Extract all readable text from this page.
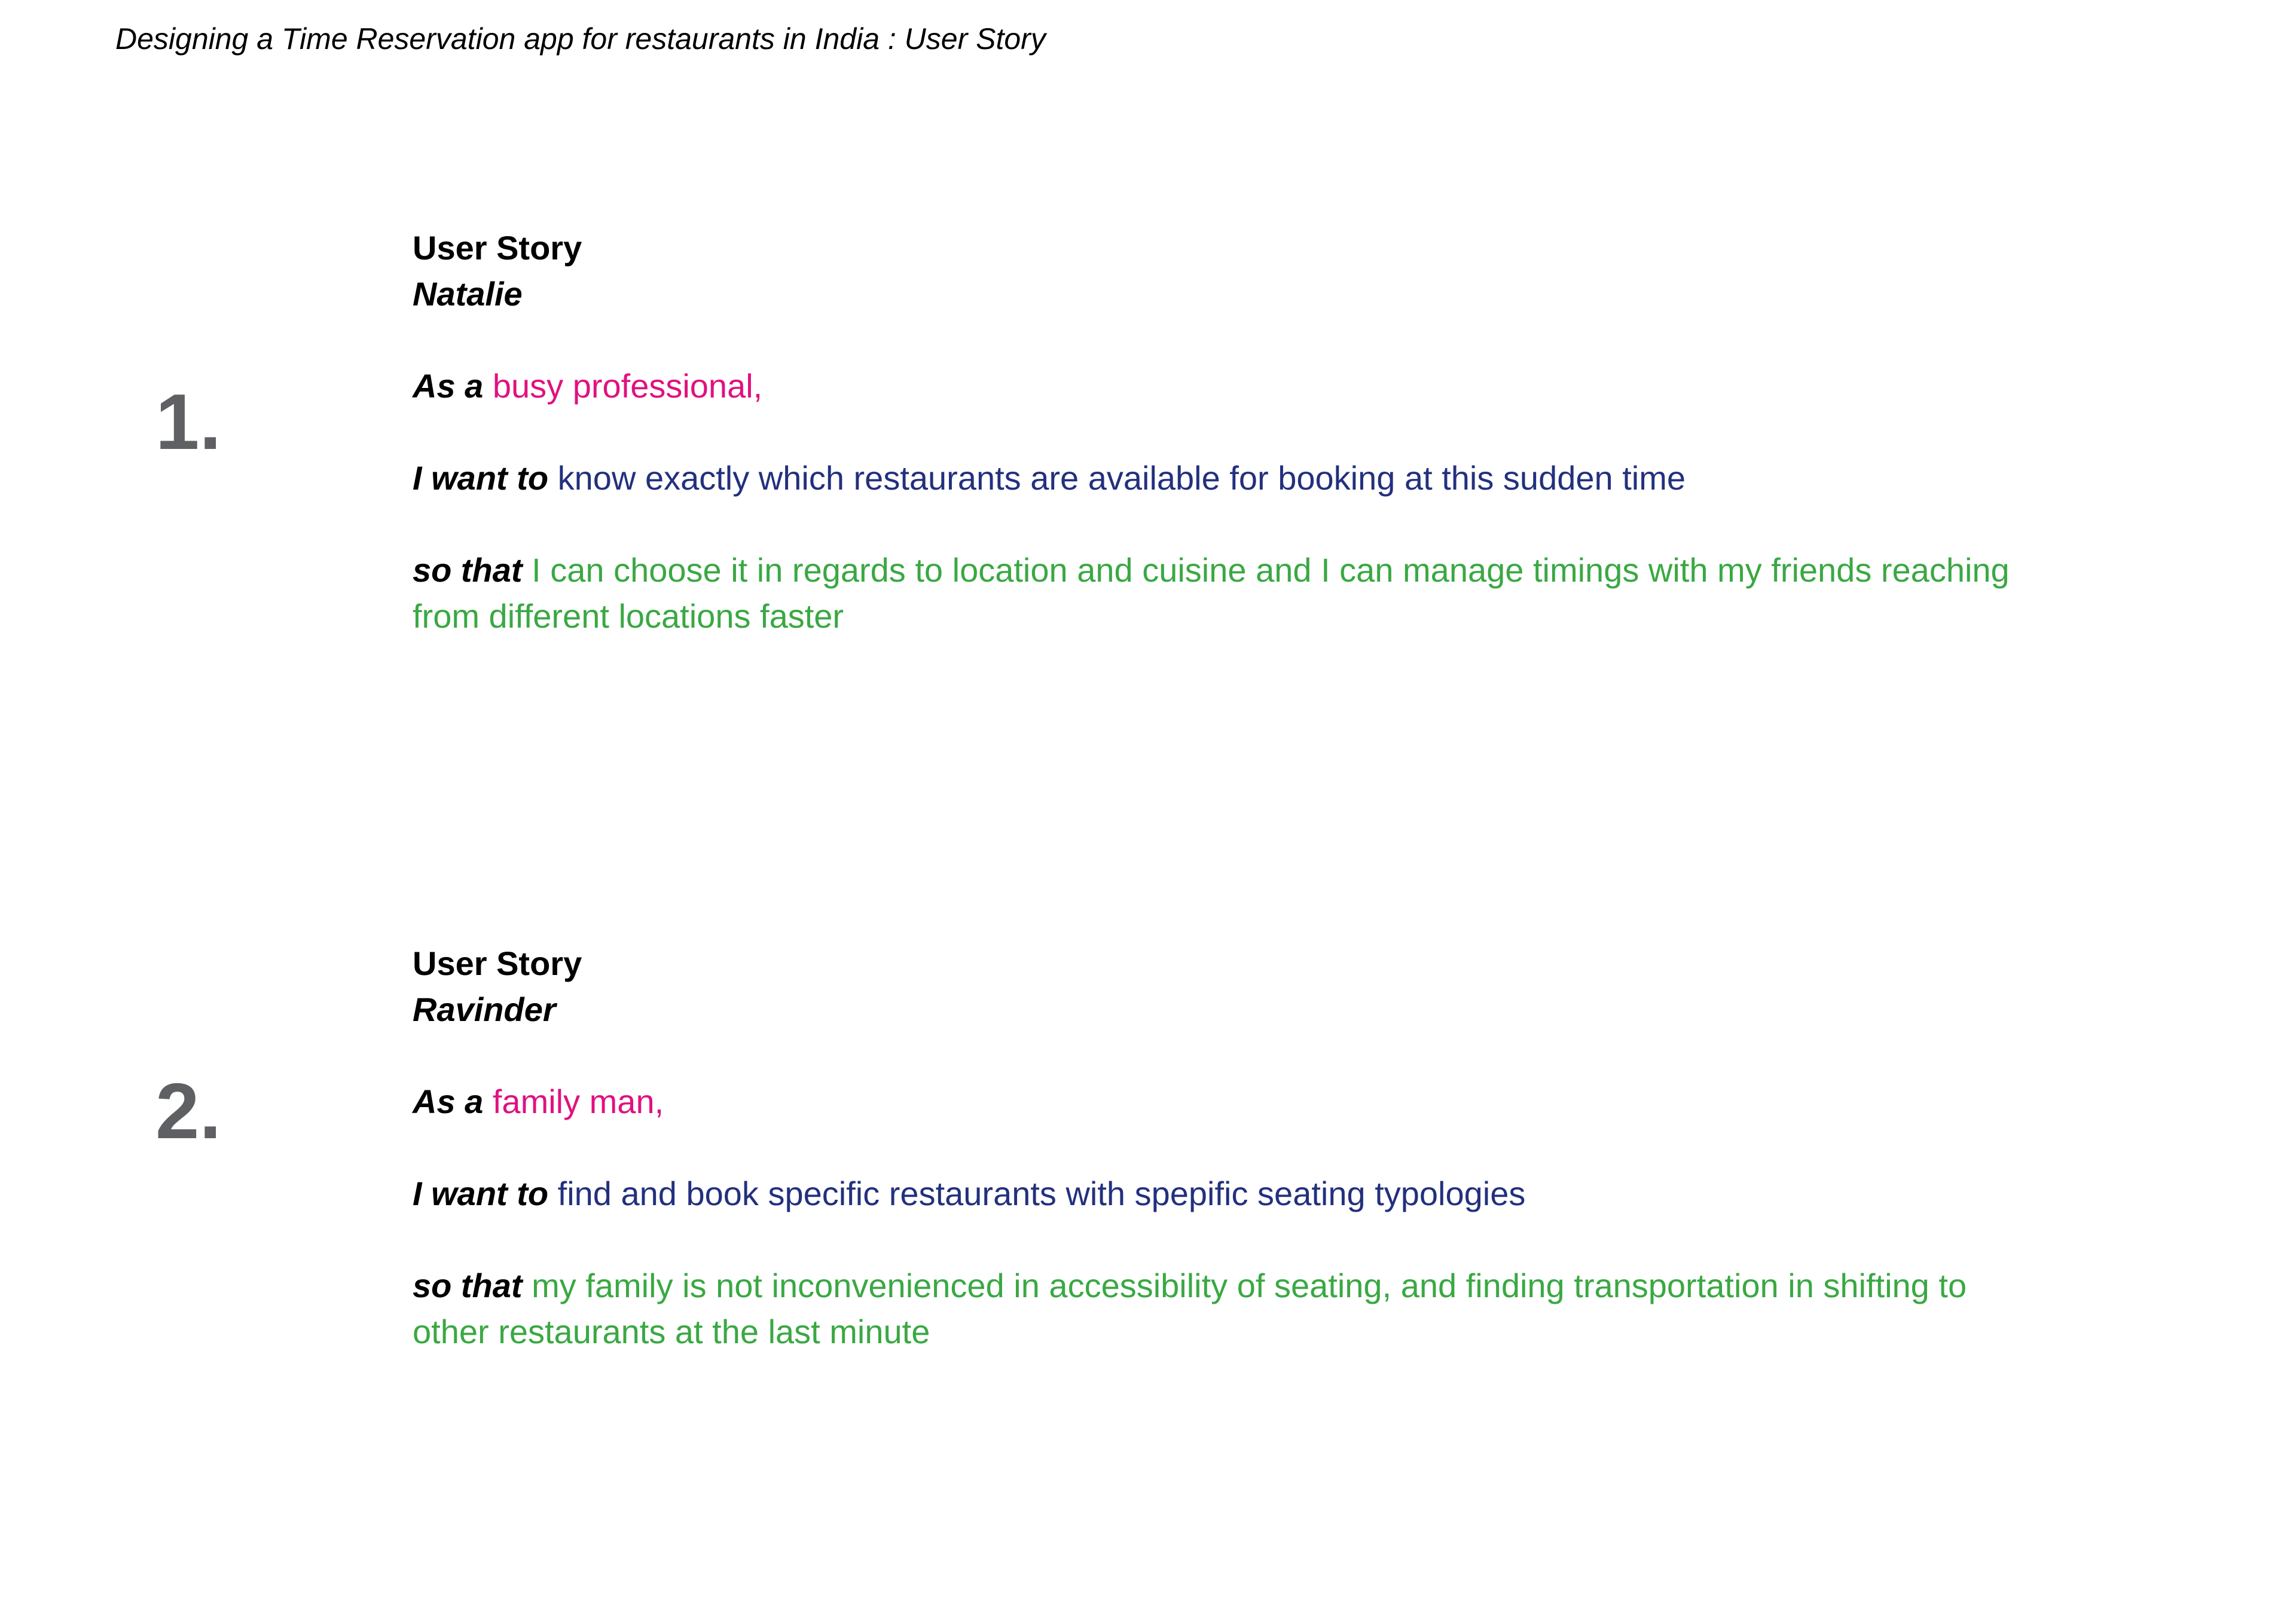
Designing a Time Reservation app for restaurants in India : User Story
1.
User Story
Natalie

As a busy professional,

I want to know exactly which restaurants are available for booking at this sudden time

so that I can choose it in regards to location and cuisine and I can manage timings with my friends reaching from different locations faster

2.
User Story
Ravinder

As a family man,

I want to find and book specific restaurants with spepific seating typologies

so that my family is not inconvenienced in accessibility of seating, and finding transportation in shifting to other restaurants at the last minute
